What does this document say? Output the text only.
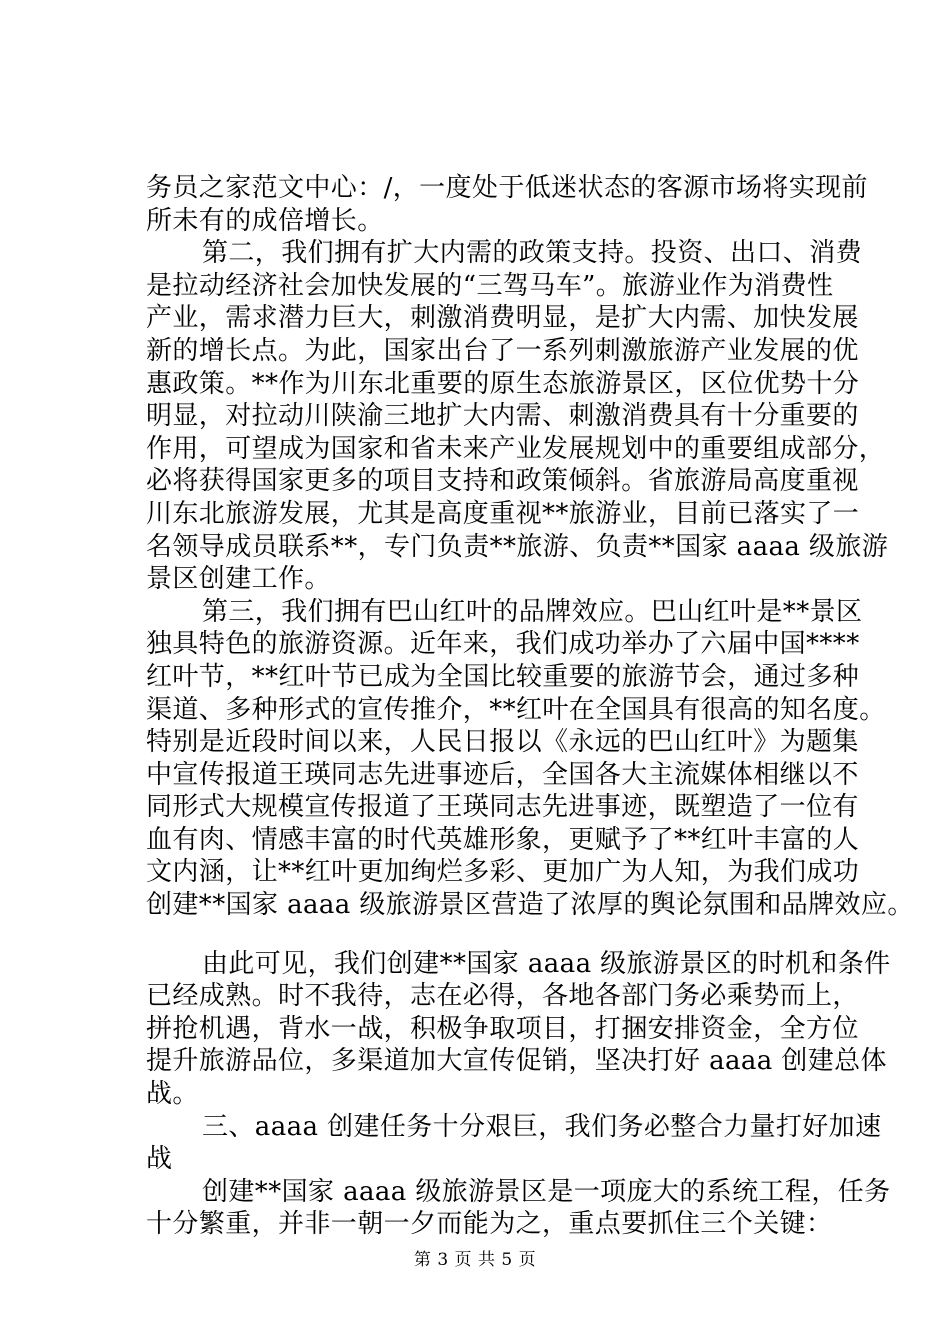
务员之家范文中心：/，一度处于低迷状态的客源市场将实现前
所未有的成倍增长。
第二，我们拥有扩大内需的政策支持。投资、出口、消费
是拉动经济社会加快发展的“三驾马车”。旅游业作为消费性
产业，需求潜力巨大，刺激消费明显，是扩大内需、加快发展
新的增长点。为此，国家出台了一系列刺激旅游产业发展的优
惠政策。**作为川东北重要的原生态旅游景区，区位优势十分
明显，对拉动川陕渝三地扩大内需、刺激消费具有十分重要的
作用，可望成为国家和省未来产业发展规划中的重要组成部分，
必将获得国家更多的项目支持和政策倾斜。省旅游局高度重视
川东北旅游发展，尤其是高度重视**旅游业，目前已落实了一
名领导成员联系**，专门负责**旅游、负责**国家 aaaa 级旅游
景区创建工作。
第三，我们拥有巴山红叶的品牌效应。巴山红叶是**景区
独具特色的旅游资源。近年来，我们成功举办了六届中国****
红叶节，**红叶节已成为全国比较重要的旅游节会，通过多种
渠道、多种形式的宣传推介，**红叶在全国具有很高的知名度。
特别是近段时间以来，人民日报以《永远的巴山红叶》为题集
中宣传报道王瑛同志先进事迹后，全国各大主流媒体相继以不
同形式大规模宣传报道了王瑛同志先进事迹，既塑造了一位有
血有肉、情感丰富的时代英雄形象，更赋予了**红叶丰富的人
文内涵，让**红叶更加绚烂多彩、更加广为人知，为我们成功
创建**国家 aaaa 级旅游景区营造了浓厚的舆论氛围和品牌效应。
由此可见，我们创建**国家 aaaa 级旅游景区的时机和条件
已经成熟。时不我待，志在必得，各地各部门务必乘势而上，
拼抢机遇，背水一战，积极争取项目，打捆安排资金，全方位
提升旅游品位，多渠道加大宣传促销，坚决打好 aaaa 创建总体
战。
三、aaaa 创建任务十分艰巨，我们务必整合力量打好加速
战
创建**国家 aaaa 级旅游景区是一项庞大的系统工程，任务
十分繁重，并非一朝一夕而能为之，重点要抓住三个关键：
第 3 页 共 5 页
